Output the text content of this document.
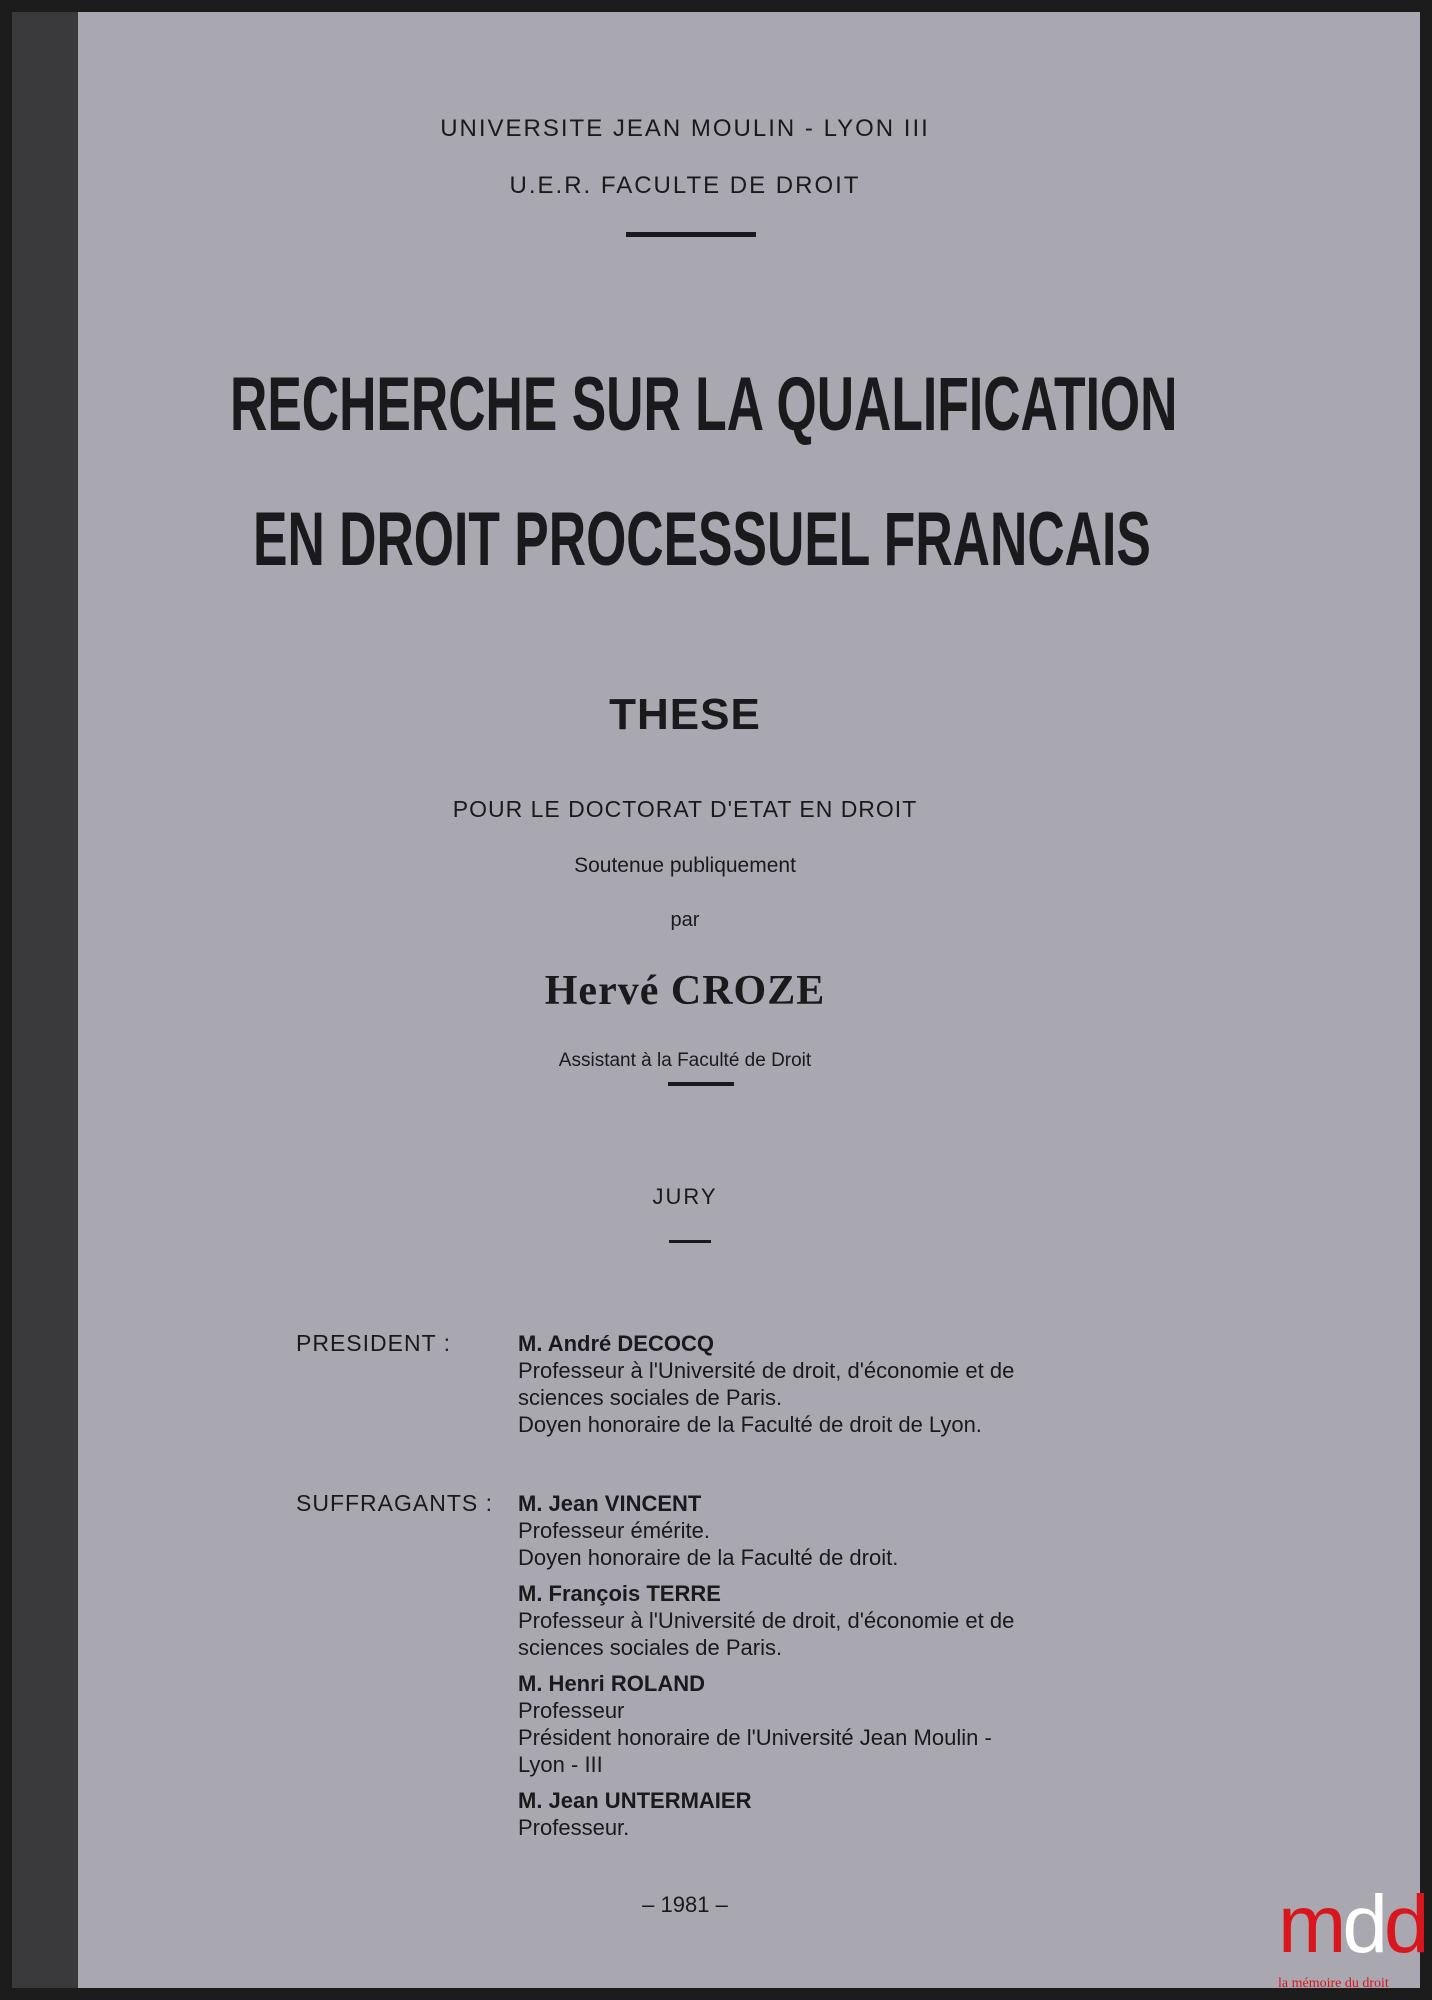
UNIVERSITE JEAN MOULIN - LYON III
U.E.R. FACULTE DE DROIT
RECHERCHE SUR LA QUALIFICATION
EN DROIT PROCESSUEL FRANCAIS
THESE
POUR LE DOCTORAT D'ETAT EN DROIT
Soutenue publiquement
par
Hervé CROZE
Assistant à la Faculté de Droit
JURY
PRESIDENT :	M. André DECOCQ
Professeur à l'Université de droit, d'économie et de
sciences sociales de Paris.
Doyen honoraire de la Faculté de droit de Lyon.
SUFFRAGANTS : M. Jean VINCENT
Professeur émérite.
Doyen honoraire de la Faculté de droit.
M. François TERRE
Professeur à l'Université de droit, d'économie et de
sciences sociales de Paris.
M. Henri ROLAND
Professeur
Président honoraire de l'Université Jean Moulin -
Lyon - III
M. Jean UNTERMAIER
Professeur.
– 1981 –	mdd
la mémoire du droit
